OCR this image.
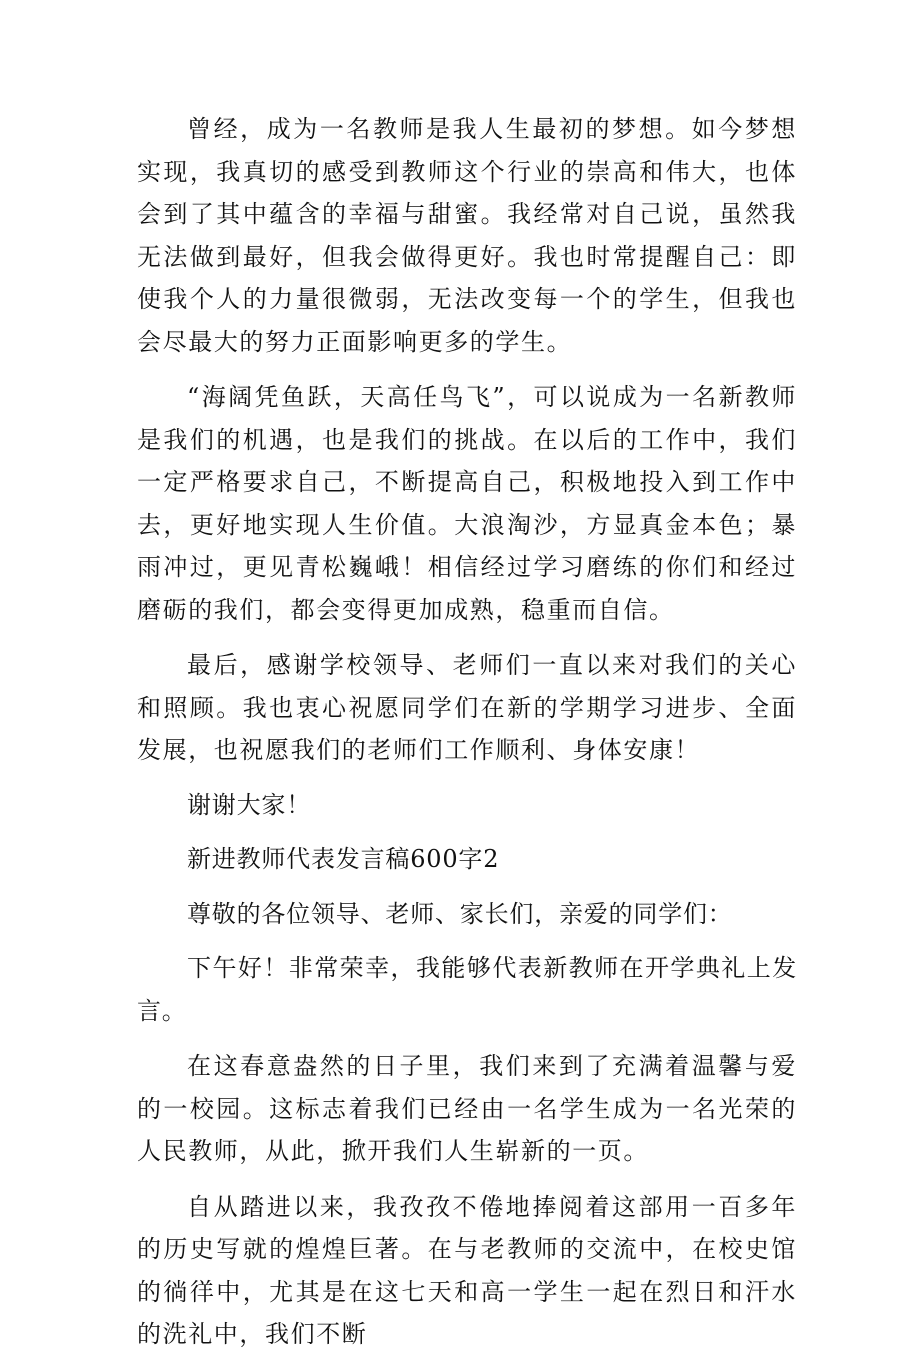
曾经，成为一名教师是我人生最初的梦想。如今梦想实现，我真切的感受到教师这个行业的崇高和伟大，也体会到了其中蕴含的幸福与甜蜜。我经常对自己说，虽然我无法做到最好，但我会做得更好。我也时常提醒自己：即使我个人的力量很微弱，无法改变每一个的学生，但我也会尽最大的努力正面影响更多的学生。

“海阔凭鱼跃，天高任鸟飞”，可以说成为一名新教师是我们的机遇，也是我们的挑战。在以后的工作中，我们一定严格要求自己，不断提高自己，积极地投入到工作中去，更好地实现人生价值。大浪淘沙，方显真金本色；暴雨冲过，更见青松巍峨！相信经过学习磨练的你们和经过磨砺的我们，都会变得更加成熟，稳重而自信。

最后，感谢学校领导、老师们一直以来对我们的关心和照顾。我也衷心祝愿同学们在新的学期学习进步、全面发展，也祝愿我们的老师们工作顺利、身体安康！

谢谢大家！

新进教师代表发言稿600字2

尊敬的各位领导、老师、家长们，亲爱的同学们：

下午好！非常荣幸，我能够代表新教师在开学典礼上发言。

在这春意盎然的日子里，我们来到了充满着温馨与爱的一校园。这标志着我们已经由一名学生成为一名光荣的人民教师，从此，掀开我们人生崭新的一页。

自从踏进以来，我孜孜不倦地捧阅着这部用一百多年的历史写就的煌煌巨著。在与老教师的交流中，在校史馆的徜徉中，尤其是在这七天和高一学生一起在烈日和汗水的洗礼中，我们不断
